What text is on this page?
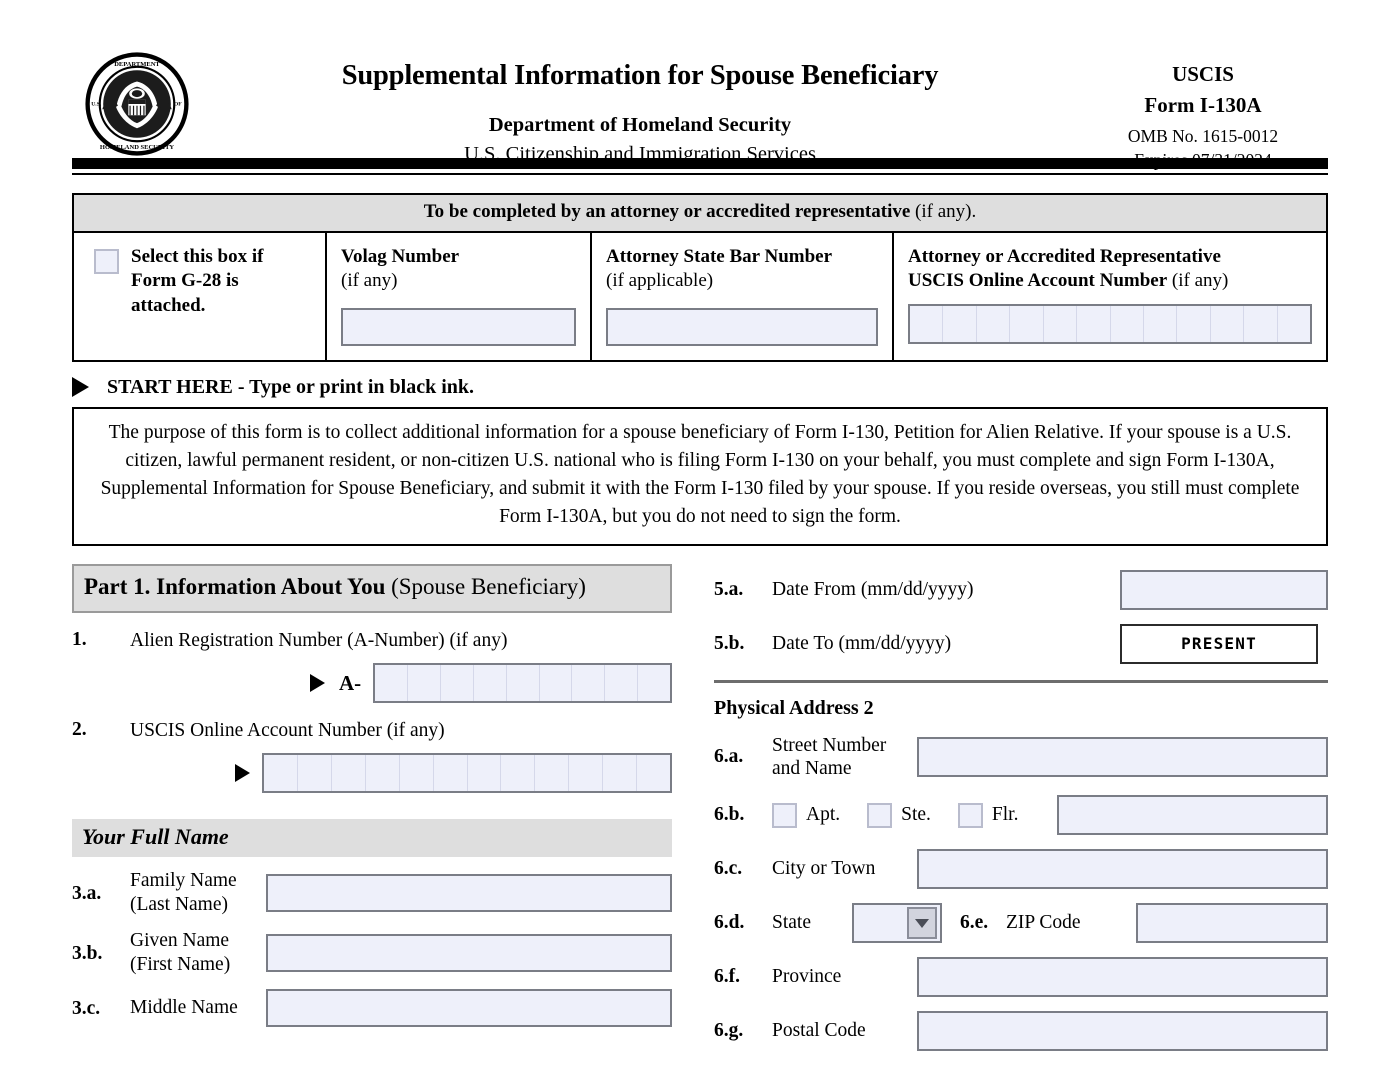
DEPARTMENT
HOMELAND SECURITY
U.S.	OF
Supplemental Information for Spouse Beneficiary
Department of Homeland Security
U.S. Citizenship and Immigration Services
USCIS
Form I-130A
OMB No. 1615-0012
Expires 07/31/2024
To be completed by an attorney or accredited representative (if any).
Select this box if
Form G-28 is
attached.
Volag Number
(if any)
Attorney State Bar Number
(if applicable)
Attorney or Accredited Representative
USCIS Online Account Number (if any)
START HERE - Type or print in black ink.
The purpose of this form is to collect additional information for a spouse beneficiary of Form I-130, Petition for Alien Relative. If your spouse is a U.S. citizen, lawful permanent resident, or non-citizen U.S. national who is filing Form I-130 on your behalf, you must complete and sign Form I-130A, Supplemental Information for Spouse Beneficiary, and submit it with the Form I-130 filed by your spouse. If you reside overseas, you still must complete Form I-130A, but you do not need to sign the form.
Part 1. Information About You (Spouse Beneficiary)
1.	Alien Registration Number (A-Number) (if any)
A-
2.	USCIS Online Account Number (if any)
Your Full Name
3.a.
Family Name
(Last Name)
3.b.
Given Name
(First Name)
3.c.	Middle Name
5.a.	Date From (mm/dd/yyyy)
5.b.	Date To (mm/dd/yyyy)	PRESENT
Physical Address 2
6.a.
Street Number
and Name
6.b.	Apt.	Ste.	Flr.
6.c.	City or Town
6.d.	State	6.e. ZIP Code
6.f.	Province
6.g.	Postal Code
